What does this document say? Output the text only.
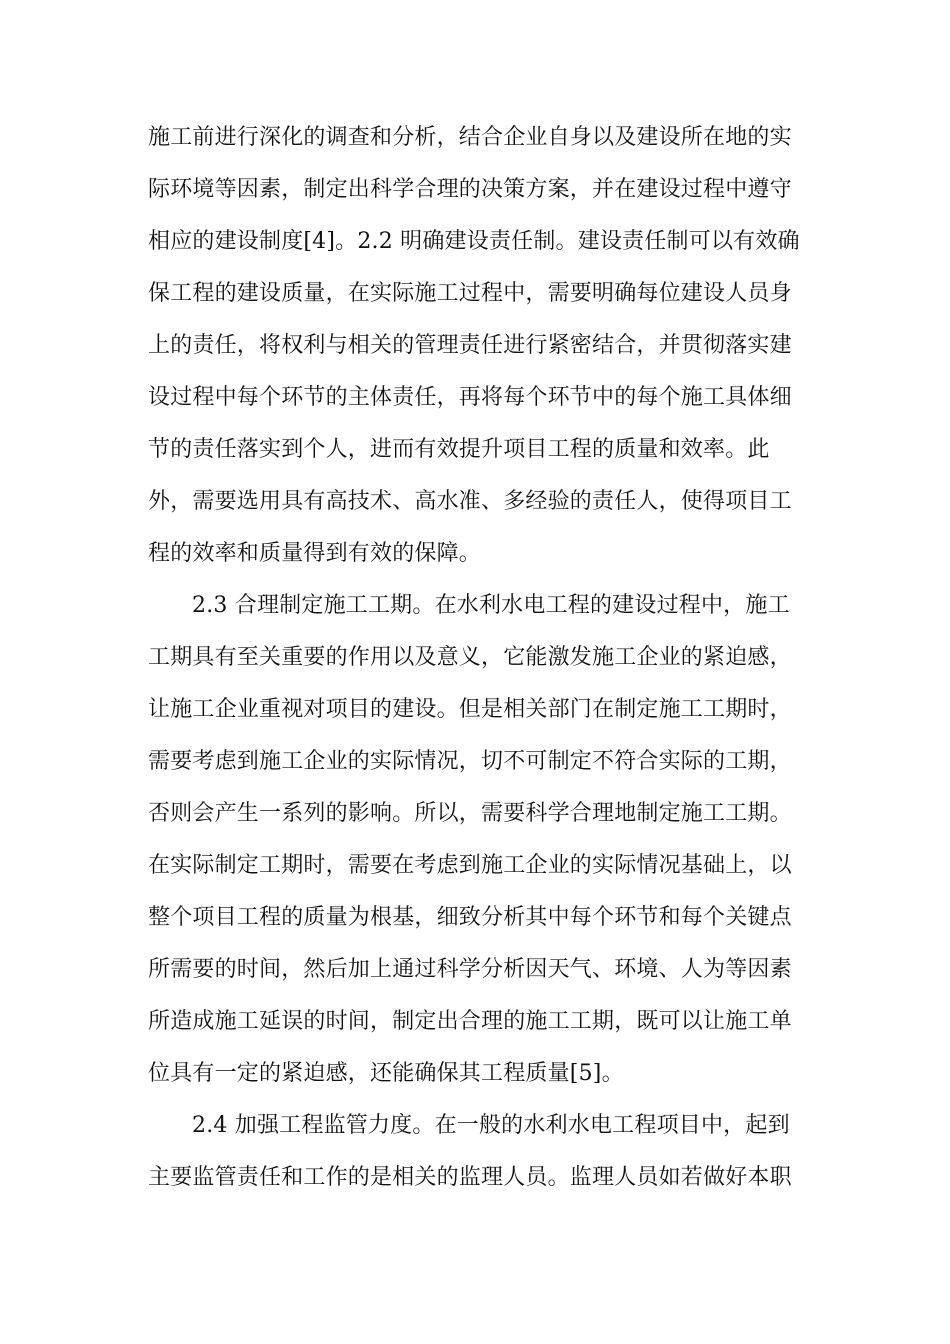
施工前进行深化的调查和分析，结合企业自身以及建设所在地的实
际环境等因素，制定出科学合理的决策方案，并在建设过程中遵守
相应的建设制度[4]。2.2 明确建设责任制。建设责任制可以有效确
保工程的建设质量，在实际施工过程中，需要明确每位建设人员身
上的责任，将权利与相关的管理责任进行紧密结合，并贯彻落实建
设过程中每个环节的主体责任，再将每个环节中的每个施工具体细
节的责任落实到个人，进而有效提升项目工程的质量和效率。此
外，需要选用具有高技术、高水准、多经验的责任人，使得项目工
程的效率和质量得到有效的保障。
2.3 合理制定施工工期。在水利水电工程的建设过程中，施工
工期具有至关重要的作用以及意义，它能激发施工企业的紧迫感，
让施工企业重视对项目的建设。但是相关部门在制定施工工期时，
需要考虑到施工企业的实际情况，切不可制定不符合实际的工期，
否则会产生一系列的影响。所以，需要科学合理地制定施工工期。
在实际制定工期时，需要在考虑到施工企业的实际情况基础上，以
整个项目工程的质量为根基，细致分析其中每个环节和每个关键点
所需要的时间，然后加上通过科学分析因天气、环境、人为等因素
所造成施工延误的时间，制定出合理的施工工期，既可以让施工单
位具有一定的紧迫感，还能确保其工程质量[5]。
2.4 加强工程监管力度。在一般的水利水电工程项目中，起到
主要监管责任和工作的是相关的监理人员。监理人员如若做好本职
